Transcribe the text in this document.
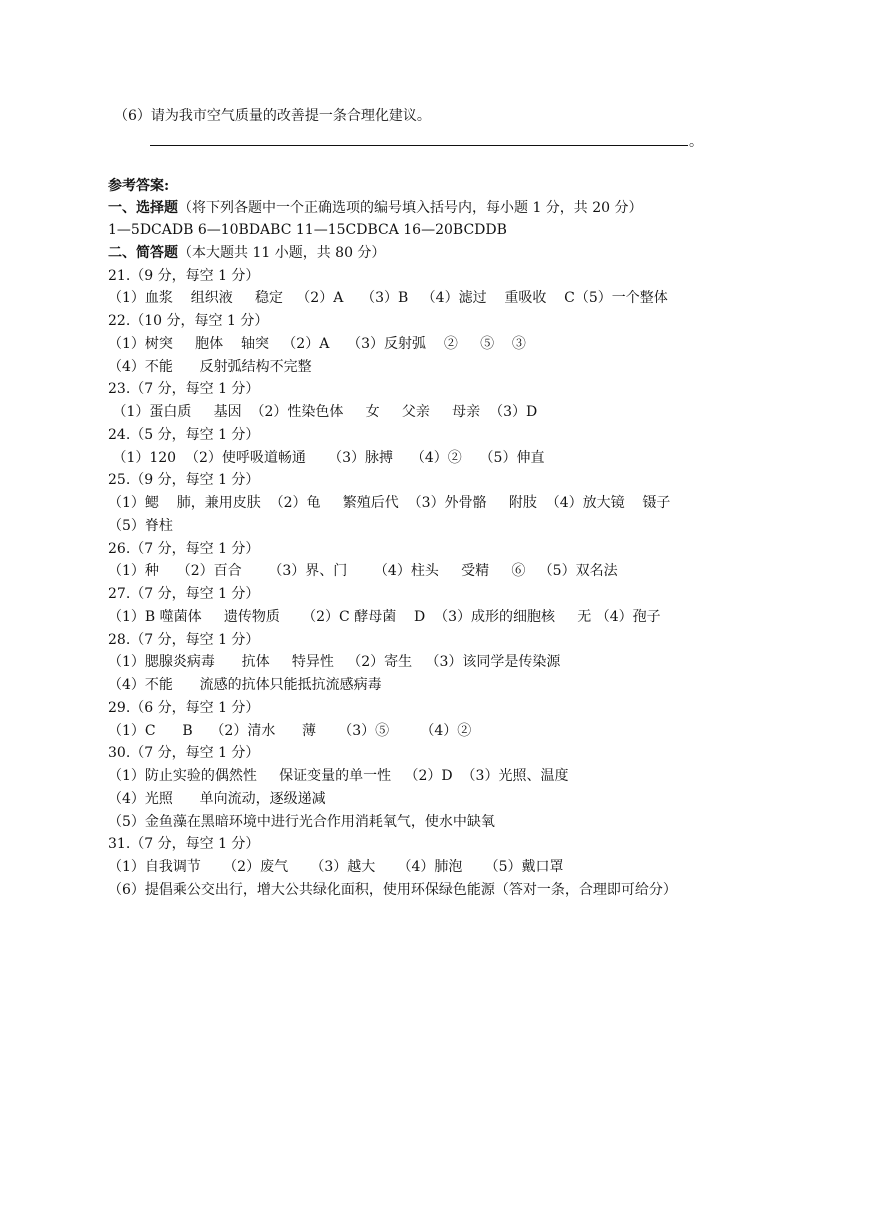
（6）请为我市空气质量的改善提一条合理化建议。
。
参考答案:
一、选择题（将下列各题中一个正确选项的编号填入括号内，每小题 1 分，共 20 分）
1—5DCADB 6—10BDABC 11—15CDBCA 16—20BCDDB
二、简答题（本大题共 11 小题，共 80 分）
21.（9 分，每空 1 分）
（1）血浆    组织液     稳定   （2）A    （3）B   （4）滤过    重吸收    C（5）一个整体
22.（10 分，每空 1 分）
（1）树突     胞体    轴突   （2）A    （3）反射弧    ②     ⑤    ③
（4）不能      反射弧结构不完整
23.（7 分，每空 1 分）
（1）蛋白质     基因  （2）性染色体     女     父亲     母亲  （3）D
24.（5 分，每空 1 分）
（1）120  （2）使呼吸道畅通     （3）脉搏    （4）②    （5）伸直
25.（9 分，每空 1 分）
（1）鳃    肺，兼用皮肤  （2）龟     繁殖后代  （3）外骨骼     附肢  （4）放大镜    镊子
（5）脊柱
26.（7 分，每空 1 分）
（1）种    （2）百合      （3）界、门      （4）柱头     受精     ⑥   （5）双名法
27.（7 分，每空 1 分）
（1）B 噬菌体     遗传物质     （2）C 酵母菌    D  （3）成形的细胞核     无 （4）孢子
28.（7 分，每空 1 分）
（1）腮腺炎病毒      抗体     特异性   （2）寄生   （3）该同学是传染源
（4）不能      流感的抗体只能抵抗流感病毒
29.（6 分，每空 1 分）
（1）C      B    （2）清水      薄     （3）⑤       （4）②
30.（7 分，每空 1 分）
（1）防止实验的偶然性     保证变量的单一性   （2）D  （3）光照、温度
（4）光照      单向流动，逐级递减
（5）金鱼藻在黑暗环境中进行光合作用消耗氧气，使水中缺氧
31.（7 分，每空 1 分）
（1）自我调节     （2）废气     （3）越大     （4）肺泡     （5）戴口罩
（6）提倡乘公交出行，增大公共绿化面积，使用环保绿色能源（答对一条，合理即可给分）
